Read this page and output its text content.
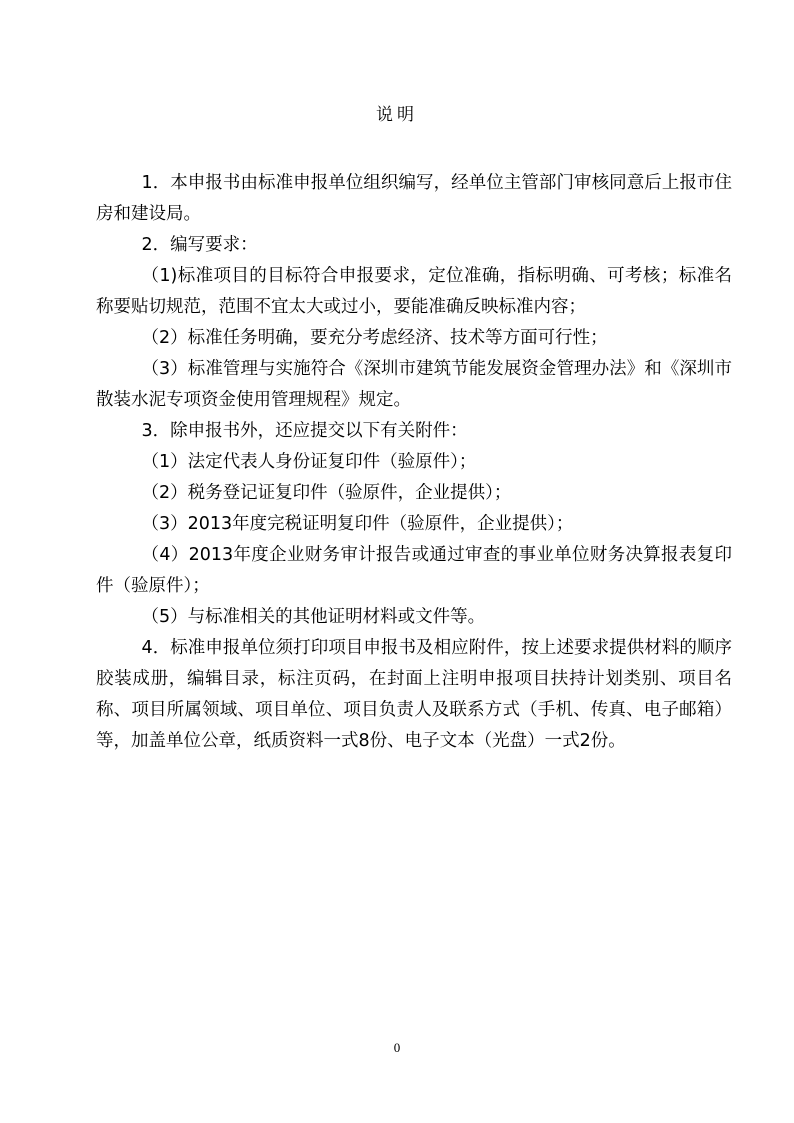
说明

1．本申报书由标准申报单位组织编写，经单位主管部门审核同意后上报市住房和建设局。

2．编写要求：

（1)标准项目的目标符合申报要求，定位准确，指标明确、可考核；标准名称要贴切规范，范围不宜太大或过小，要能准确反映标准内容；

（2）标准任务明确，要充分考虑经济、技术等方面可行性；

（3）标准管理与实施符合《深圳市建筑节能发展资金管理办法》和《深圳市散装水泥专项资金使用管理规程》规定。

3．除申报书外，还应提交以下有关附件：

（1）法定代表人身份证复印件（验原件）；

（2）税务登记证复印件（验原件，企业提供）；

（3）2013年度完税证明复印件（验原件，企业提供）；

（4）2013年度企业财务审计报告或通过审查的事业单位财务决算报表复印件（验原件）；

（5）与标准相关的其他证明材料或文件等。

4．标准申报单位须打印项目申报书及相应附件，按上述要求提供材料的顺序胶装成册，编辑目录，标注页码，在封面上注明申报项目扶持计划类别、项目名称、项目所属领域、项目单位、项目负责人及联系方式（手机、传真、电子邮箱）等，加盖单位公章，纸质资料一式8份、电子文本（光盘）一式2份。

0
